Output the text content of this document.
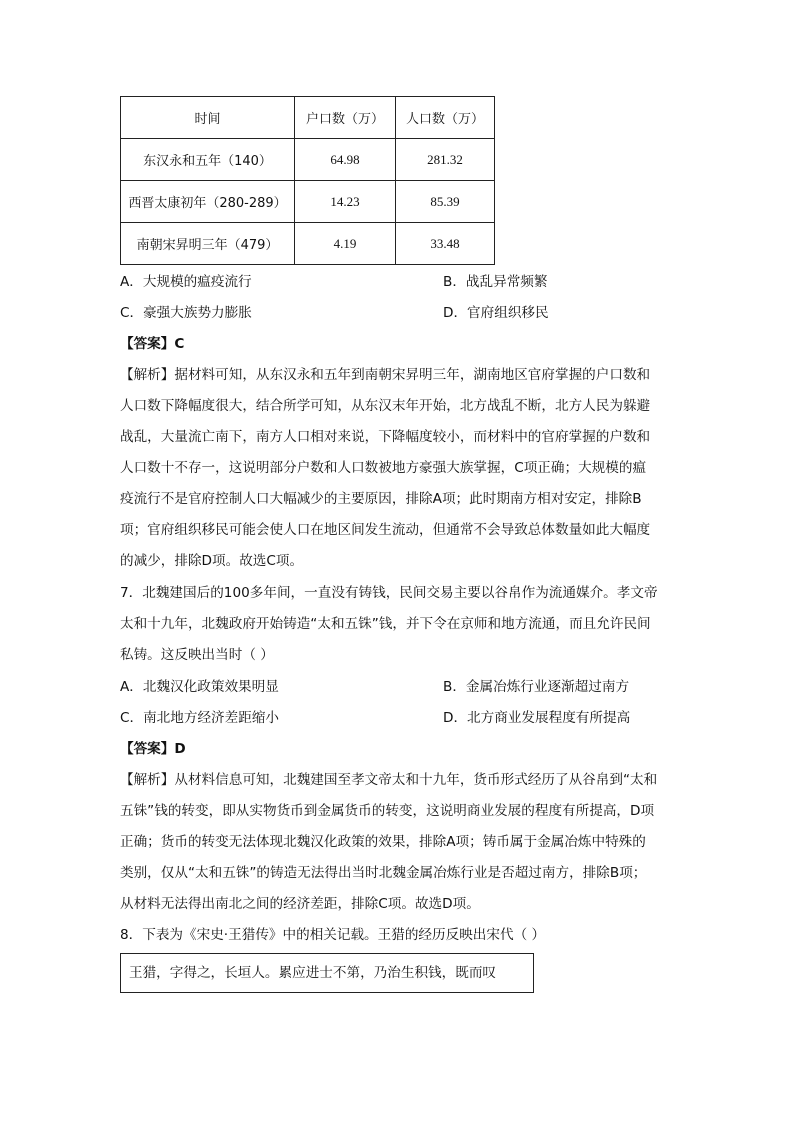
时间	户口数（万）	人口数（万）
东汉永和五年（140）	64.98	281.32
西晋太康初年（280-289）	14.23	85.39
南朝宋昇明三年（479）	4.19	33.48
A．大规模的瘟疫流行	B．战乱异常频繁
C．豪强大族势力膨胀	D．官府组织移民
【答案】C
【解析】据材料可知，从东汉永和五年到南朝宋昇明三年，湖南地区官府掌握的户口数和
人口数下降幅度很大，结合所学可知，从东汉末年开始，北方战乱不断，北方人民为躲避
战乱，大量流亡南下，南方人口相对来说，下降幅度较小，而材料中的官府掌握的户数和
人口数十不存一，这说明部分户数和人口数被地方豪强大族掌握，C项正确；大规模的瘟
疫流行不是官府控制人口大幅减少的主要原因，排除A项；此时期南方相对安定，排除B
项；官府组织移民可能会使人口在地区间发生流动，但通常不会导致总体数量如此大幅度
的减少，排除D项。故选C项。
7．北魏建国后的100多年间，一直没有铸钱，民间交易主要以谷帛作为流通媒介。孝文帝
太和十九年，北魏政府开始铸造“太和五铢”钱，并下令在京师和地方流通，而且允许民间
私铸。这反映出当时（ ）
A．北魏汉化政策效果明显	B．金属冶炼行业逐渐超过南方
C．南北地方经济差距缩小	D．北方商业发展程度有所提高
【答案】D
【解析】从材料信息可知，北魏建国至孝文帝太和十九年，货币形式经历了从谷帛到“太和
五铢”钱的转变，即从实物货币到金属货币的转变，这说明商业发展的程度有所提高，D项
正确；货币的转变无法体现北魏汉化政策的效果，排除A项；铸币属于金属冶炼中特殊的
类别，仅从“太和五铢”的铸造无法得出当时北魏金属冶炼行业是否超过南方，排除B项；
从材料无法得出南北之间的经济差距，排除C项。故选D项。
8．下表为《宋史·王猎传》中的相关记载。王猎的经历反映出宋代（ ）
王猎，字得之，长垣人。累应进士不第，乃治生积钱，既而叹
